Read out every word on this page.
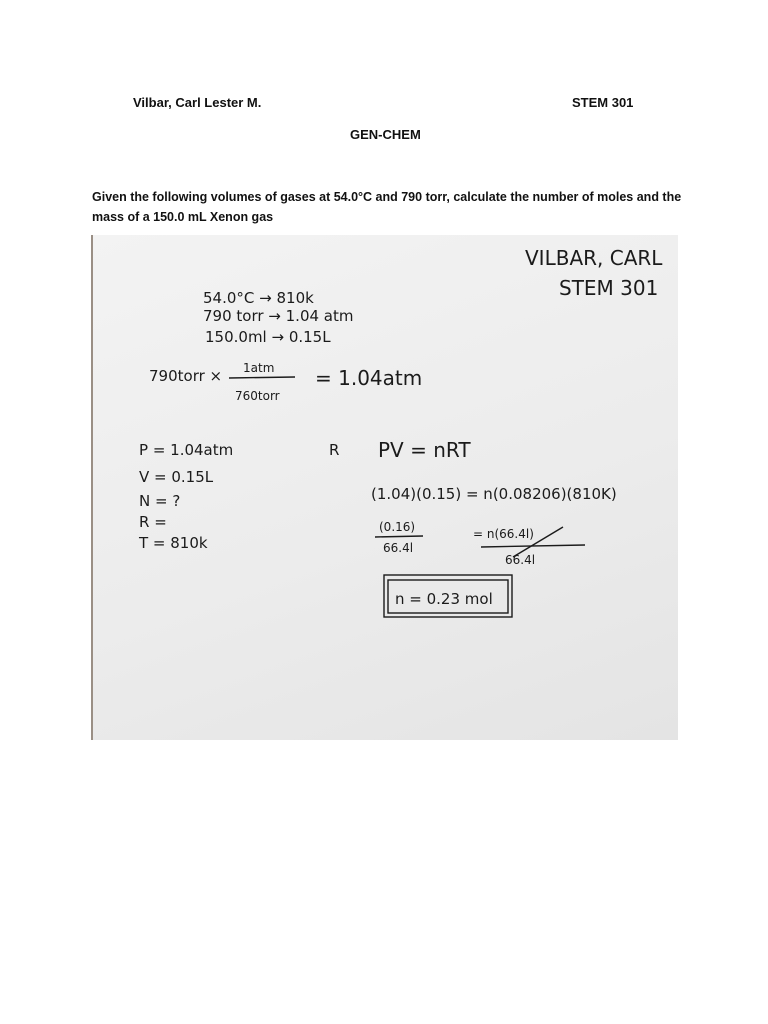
Vilbar, Carl Lester M.	STEM 301
GEN-CHEM
Given the following volumes of gases at 54.0°C and 790 torr, calculate the number of moles and the mass of a 150.0 mL Xenon gas
VILBAR, CARL
STEM 301
54.0°C → 810k
790 torr → 1.04 atm
150.0ml → 0.15L
790torr × 1atm
760torr
= 1.04atm
P = 1.04atm
V = 0.15L
N = ?
R =
T = 810k
R PV = nRT
(1.04)(0.15) = n(0.08206)(810K)
(0.16)
66.4l
= n(66.4l)
66.4l
n = 0.23 mol
